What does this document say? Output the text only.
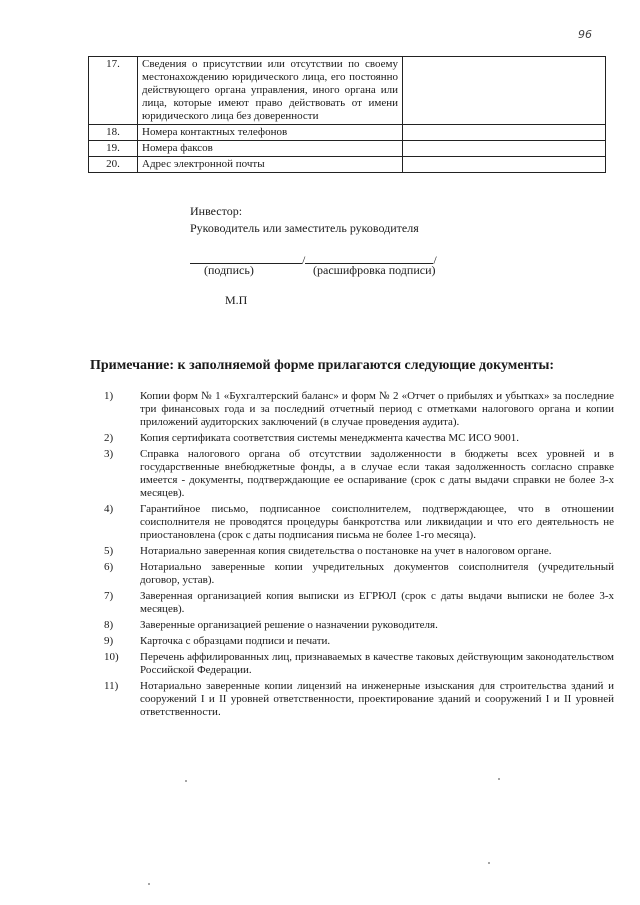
96
17.	Сведения о присутствии или отсутствии по своему местонахождению юридического лица, его постоянно действующего органа управления, иного органа или лица, которые имеют право действовать от имени юридического лица без доверенности	
18.	Номера контактных телефонов	
19.	Номера факсов	
20.	Адрес электронной почты	
Инвестор:
Руководитель или заместитель руководителя
/	/
(подпись)	(расшифровка подписи)
М.П
Примечание: к заполняемой форме прилагаются следующие документы:
1) Копии форм № 1 «Бухгалтерский баланс» и форм № 2 «Отчет о прибылях и убытках» за последние три финансовых года и за последний отчетный период с отметками налогового органа и копии приложений аудиторских заключений (в случае проведения аудита).
2) Копия сертификата соответствия системы менеджмента качества МС ИСО 9001.
3) Справка налогового органа об отсутствии задолженности в бюджеты всех уровней и в государственные внебюджетные фонды, а в случае если такая задолженность согласно справке имеется - документы, подтверждающие ее оспаривание (срок с даты выдачи справки не более 3-х месяцев).
4) Гарантийное письмо, подписанное соисполнителем, подтверждающее, что в отношении соисполнителя не проводятся процедуры банкротства или ликвидации и что его деятельность не приостановлена (срок с даты подписания письма не более 1-го месяца).
5) Нотариально заверенная копия свидетельства о постановке на учет в налоговом органе.
6) Нотариально заверенные копии учредительных документов соисполнителя (учредительный договор, устав).
7) Заверенная организацией копия выписки из ЕГРЮЛ (срок с даты выдачи выписки не более 3-х месяцев).
8) Заверенные организацией решение о назначении руководителя.
9) Карточка с образцами подписи и печати.
10) Перечень аффилированных лиц, признаваемых в качестве таковых действующим законодательством Российской Федерации.
11) Нотариально заверенные копии лицензий на инженерные изыскания для строительства зданий и сооружений I и II уровней ответственности, проектирование зданий и сооружений I и II уровней ответственности.
